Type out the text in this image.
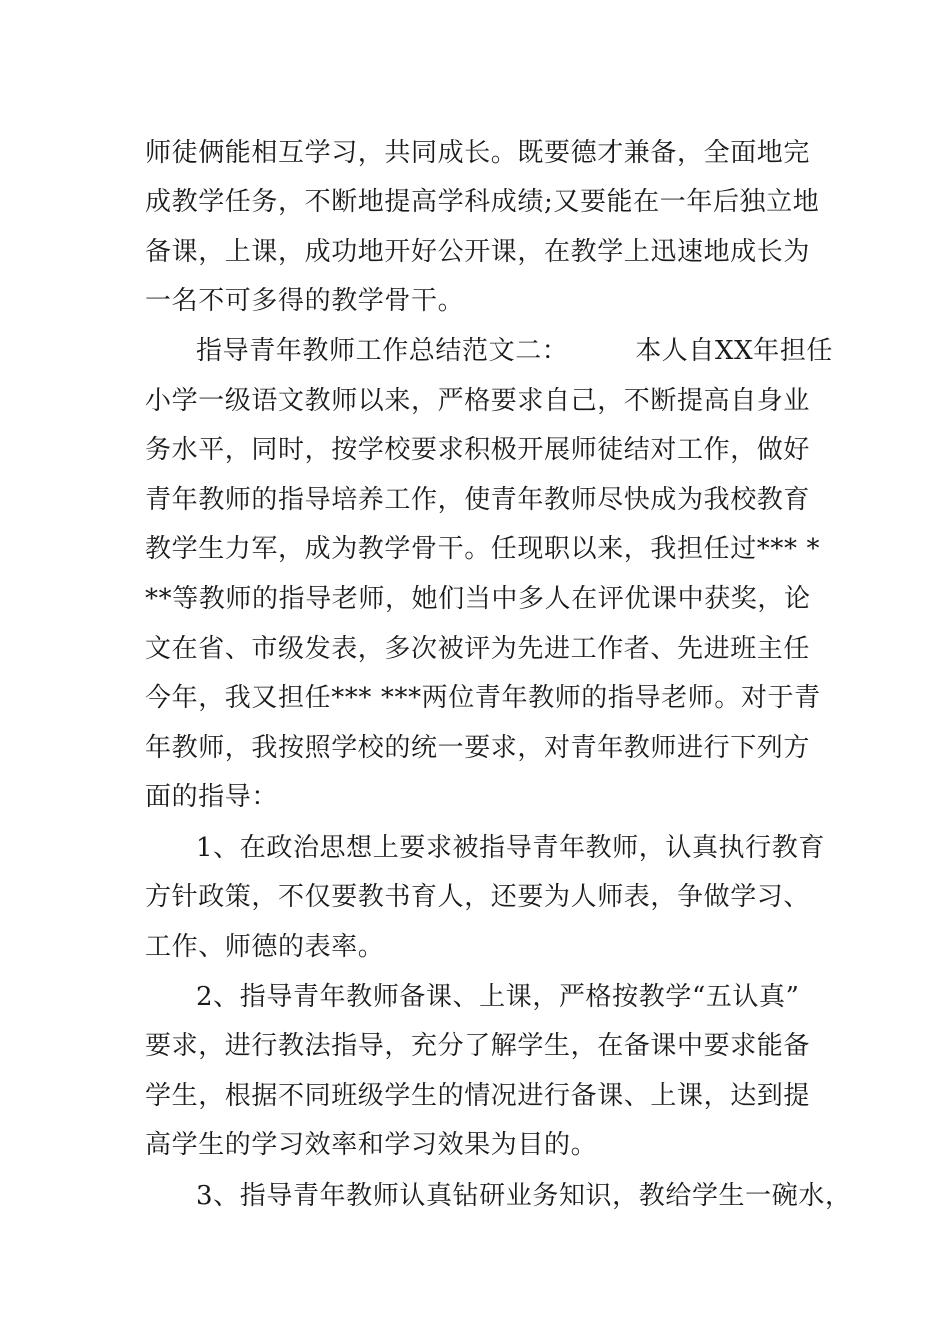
师徒俩能相互学习，共同成长。既要德才兼备，全面地完
成教学任务，不断地提高学科成绩;又要能在一年后独立地
备课，上课，成功地开好公开课，在教学上迅速地成长为
一名不可多得的教学骨干。
指导青年教师工作总结范文二：　　　本人自XX年担任
小学一级语文教师以来，严格要求自己，不断提高自身业
务水平，同时，按学校要求积极开展师徒结对工作，做好
青年教师的指导培养工作，使青年教师尽快成为我校教育
教学生力军，成为教学骨干。任现职以来，我担任过*** *
**等教师的指导老师，她们当中多人在评优课中获奖，论
文在省、市级发表，多次被评为先进工作者、先进班主任
今年，我又担任*** ***两位青年教师的指导老师。对于青
年教师，我按照学校的统一要求，对青年教师进行下列方
面的指导：
1、在政治思想上要求被指导青年教师，认真执行教育
方针政策，不仅要教书育人，还要为人师表，争做学习、
工作、师德的表率。
2、指导青年教师备课、上课，严格按教学“五认真”
要求，进行教法指导，充分了解学生，在备课中要求能备
学生，根据不同班级学生的情况进行备课、上课，达到提
高学生的学习效率和学习效果为目的。
3、指导青年教师认真钻研业务知识，教给学生一碗水，
